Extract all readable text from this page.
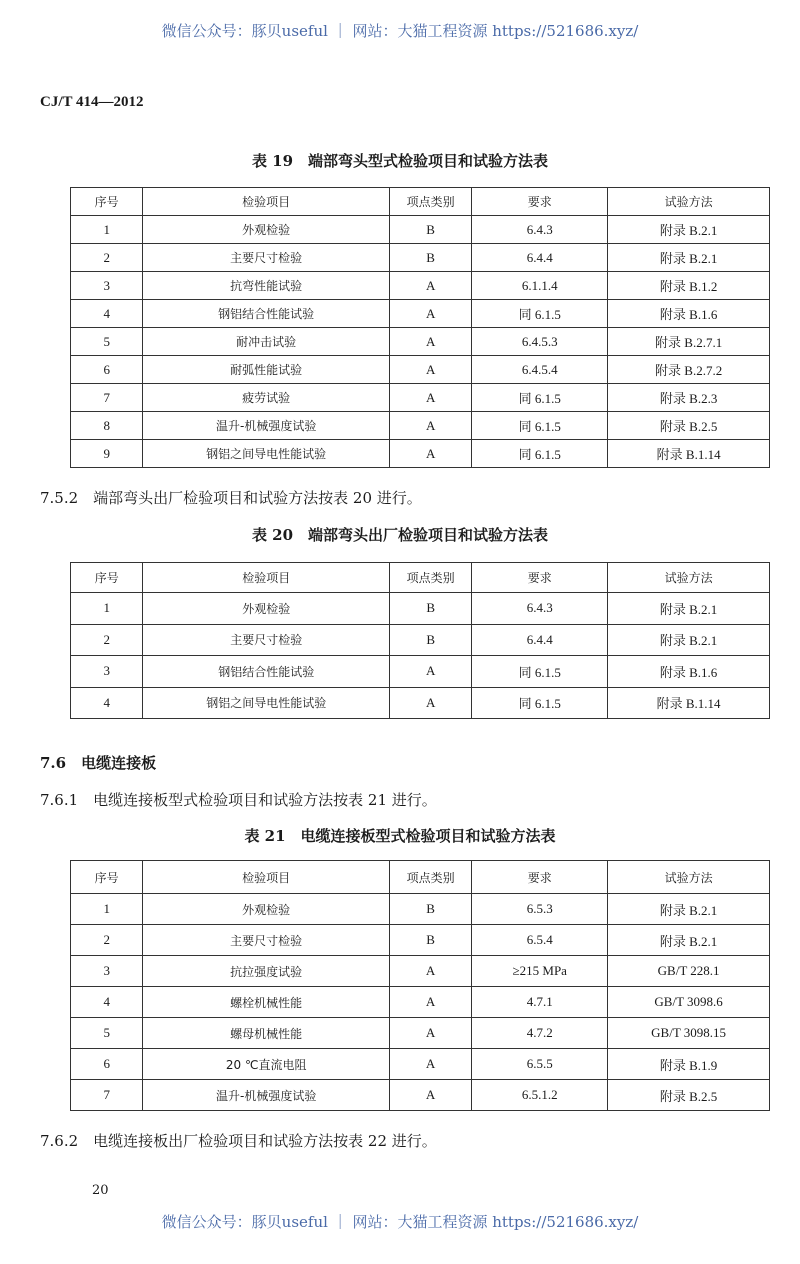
微信公众号：豚贝useful ｜ 网站：大猫工程资源 https://521686.xyz/
CJ/T 414—2012
表 19　端部弯头型式检验项目和试验方法表
序号	检验项目	项点类别	要求	试验方法
1	外观检验	B	6.4.3	附录 B.2.1
2	主要尺寸检验	B	6.4.4	附录 B.2.1
3	抗弯性能试验	A	6.1.1.4	附录 B.1.2
4	钢铝结合性能试验	A	同 6.1.5	附录 B.1.6
5	耐冲击试验	A	6.4.5.3	附录 B.2.7.1
6	耐弧性能试验	A	6.4.5.4	附录 B.2.7.2
7	疲劳试验	A	同 6.1.5	附录 B.2.3
8	温升-机械强度试验	A	同 6.1.5	附录 B.2.5
9	钢铝之间导电性能试验	A	同 6.1.5	附录 B.1.14
7.5.2　端部弯头出厂检验项目和试验方法按表 20 进行。
表 20　端部弯头出厂检验项目和试验方法表
序号	检验项目	项点类别	要求	试验方法
1	外观检验	B	6.4.3	附录 B.2.1
2	主要尺寸检验	B	6.4.4	附录 B.2.1
3	钢铝结合性能试验	A	同 6.1.5	附录 B.1.6
4	钢铝之间导电性能试验	A	同 6.1.5	附录 B.1.14
7.6　电缆连接板
7.6.1　电缆连接板型式检验项目和试验方法按表 21 进行。
表 21　电缆连接板型式检验项目和试验方法表
序号	检验项目	项点类别	要求	试验方法
1	外观检验	B	6.5.3	附录 B.2.1
2	主要尺寸检验	B	6.5.4	附录 B.2.1
3	抗拉强度试验	A	≥215 MPa	GB/T 228.1
4	螺栓机械性能	A	4.7.1	GB/T 3098.6
5	螺母机械性能	A	4.7.2	GB/T 3098.15
6	20 ℃直流电阻	A	6.5.5	附录 B.1.9
7	温升-机械强度试验	A	6.5.1.2	附录 B.2.5
7.6.2　电缆连接板出厂检验项目和试验方法按表 22 进行。
20
微信公众号：豚贝useful ｜ 网站：大猫工程资源 https://521686.xyz/
